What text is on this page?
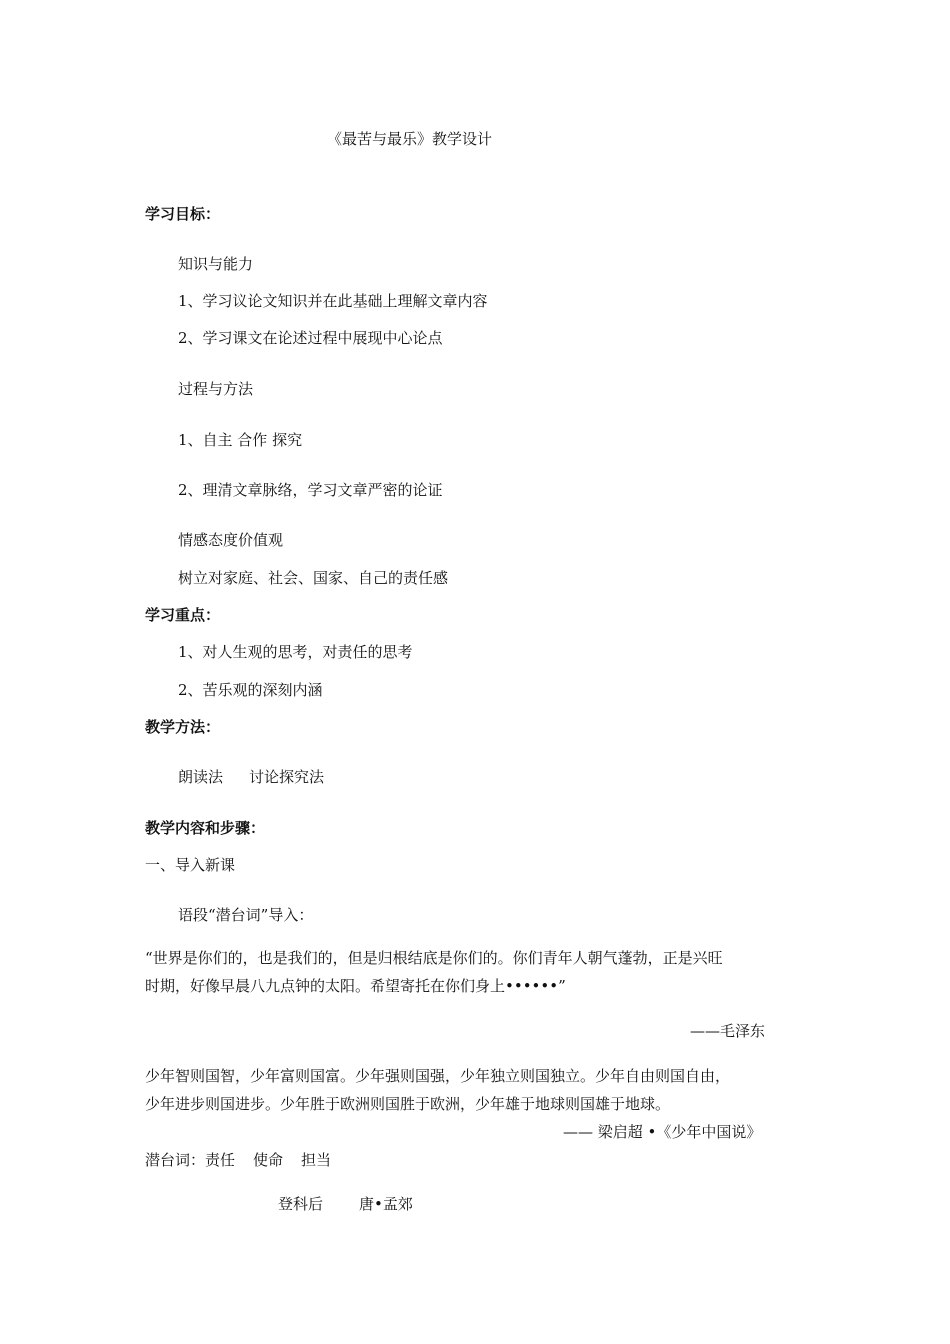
《最苦与最乐》教学设计
学习目标：
知识与能力
1、学习议论文知识并在此基础上理解文章内容
2、学习课文在论述过程中展现中心论点
过程与方法
1、自主 合作 探究
2、理清文章脉络，学习文章严密的论证
情感态度价值观
树立对家庭、社会、国家、自己的责任感
学习重点：
1、对人生观的思考，对责任的思考
2、苦乐观的深刻内涵
教学方法：
朗读法 讨论探究法
教学内容和步骤：
一、导入新课
语段“潜台词”导入：
“世界是你们的，也是我们的，但是归根结底是你们的。你们青年人朝气蓬勃，正是兴旺
时期，好像早晨八九点钟的太阳。希望寄托在你们身上••••••”
——毛泽东
少年智则国智，少年富则国富。少年强则国强，少年独立则国独立。少年自由则国自由，
少年进步则国进步。少年胜于欧洲则国胜于欧洲，少年雄于地球则国雄于地球。
—— 梁启超 •《少年中国说》
潜台词：责任 使命 担当
登科后 唐•孟郊
